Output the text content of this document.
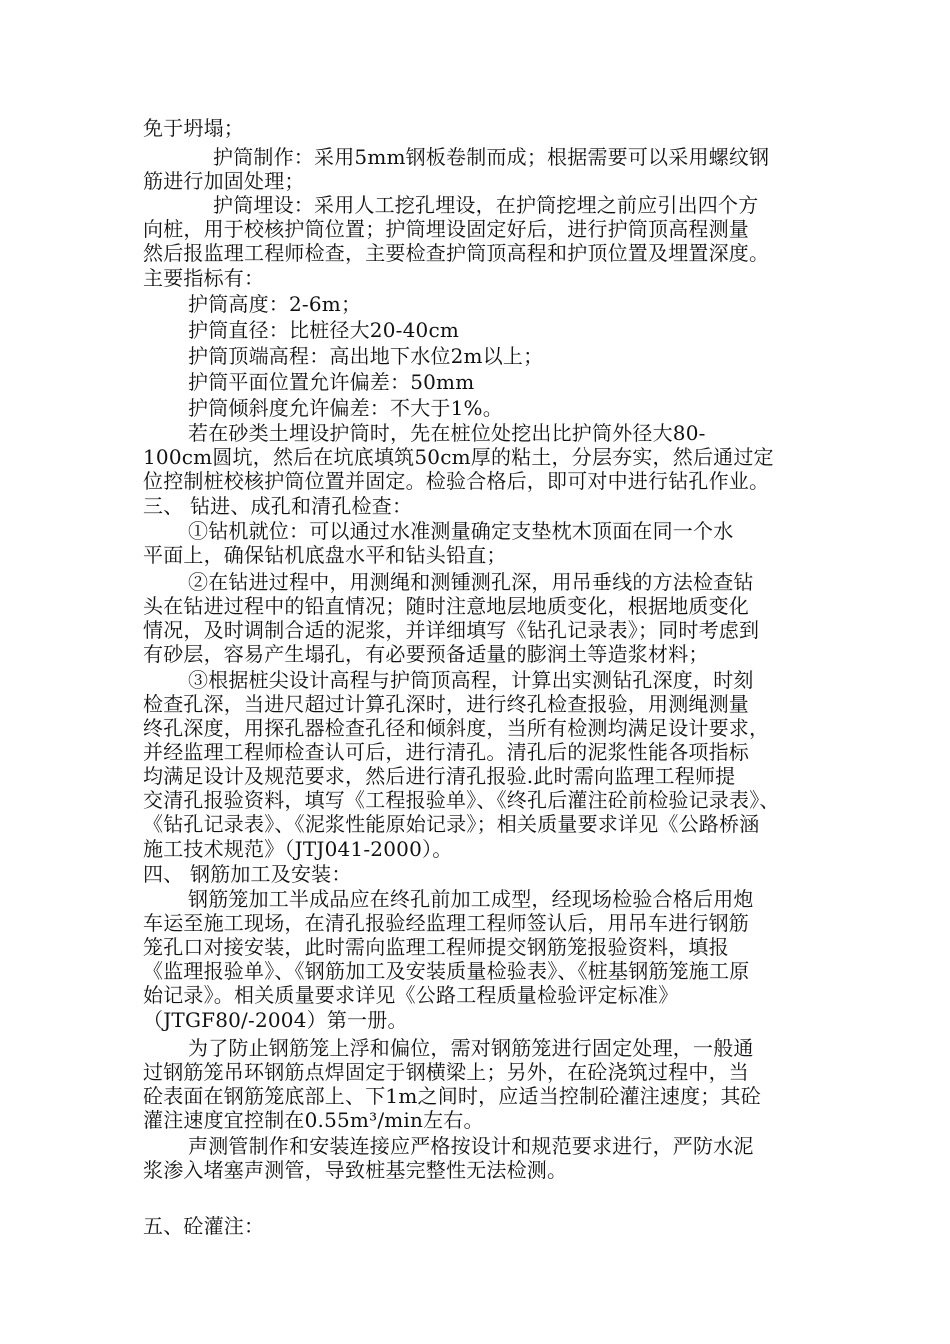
免于坍塌；
护筒制作：采用5mm钢板卷制而成；根据需要可以采用螺纹钢
筋进行加固处理；
护筒埋设：采用人工挖孔埋设，在护筒挖埋之前应引出四个方
向桩，用于校核护筒位置；护筒埋设固定好后，进行护筒顶高程测量
然后报监理工程师检查，主要检查护筒顶高程和护顶位置及埋置深度。
主要指标有：
护筒高度：2-6m；
护筒直径：比桩径大20-40cm
护筒顶端高程：高出地下水位2m以上；
护筒平面位置允许偏差：50mm
护筒倾斜度允许偏差：不大于1%。
若在砂类土埋设护筒时，先在桩位处挖出比护筒外径大80-
100cm圆坑，然后在坑底填筑50cm厚的粘土，分层夯实，然后通过定
位控制桩校核护筒位置并固定。检验合格后，即可对中进行钻孔作业。
三、 钻进、成孔和清孔检查：
①钻机就位：可以通过水准测量确定支垫枕木顶面在同一个水
平面上，确保钻机底盘水平和钻头铅直；
②在钻进过程中，用测绳和测锺测孔深，用吊垂线的方法检查钻
头在钻进过程中的铅直情况；随时注意地层地质变化，根据地质变化
情况，及时调制合适的泥浆，并详细填写《钻孔记录表》；同时考虑到
有砂层，容易产生塌孔，有必要预备适量的膨润土等造浆材料；
③根据桩尖设计高程与护筒顶高程，计算出实测钻孔深度，时刻
检查孔深，当进尺超过计算孔深时，进行终孔检查报验，用测绳测量
终孔深度，用探孔器检查孔径和倾斜度，当所有检测均满足设计要求，
并经监理工程师检查认可后，进行清孔。清孔后的泥浆性能各项指标
均满足设计及规范要求，然后进行清孔报验.此时需向监理工程师提
交清孔报验资料，填写《工程报验单》、《终孔后灌注砼前检验记录表》、
《钻孔记录表》、《泥浆性能原始记录》；相关质量要求详见《公路桥涵
施工技术规范》（JTJ041-2000）。
四、 钢筋加工及安装：
钢筋笼加工半成品应在终孔前加工成型，经现场检验合格后用炮
车运至施工现场，在清孔报验经监理工程师签认后，用吊车进行钢筋
笼孔口对接安装，此时需向监理工程师提交钢筋笼报验资料，填报
《监理报验单》、《钢筋加工及安装质量检验表》、《桩基钢筋笼施工原
始记录》。相关质量要求详见《公路工程质量检验评定标准》
（JTGF80/-2004）第一册。
为了防止钢筋笼上浮和偏位，需对钢筋笼进行固定处理，一般通
过钢筋笼吊环钢筋点焊固定于钢横梁上；另外，在砼浇筑过程中，当
砼表面在钢筋笼底部上、下1m之间时，应适当控制砼灌注速度；其砼
灌注速度宜控制在0.55m³/min左右。
声测管制作和安装连接应严格按设计和规范要求进行，严防水泥
浆渗入堵塞声测管，导致桩基完整性无法检测。
五、砼灌注：
